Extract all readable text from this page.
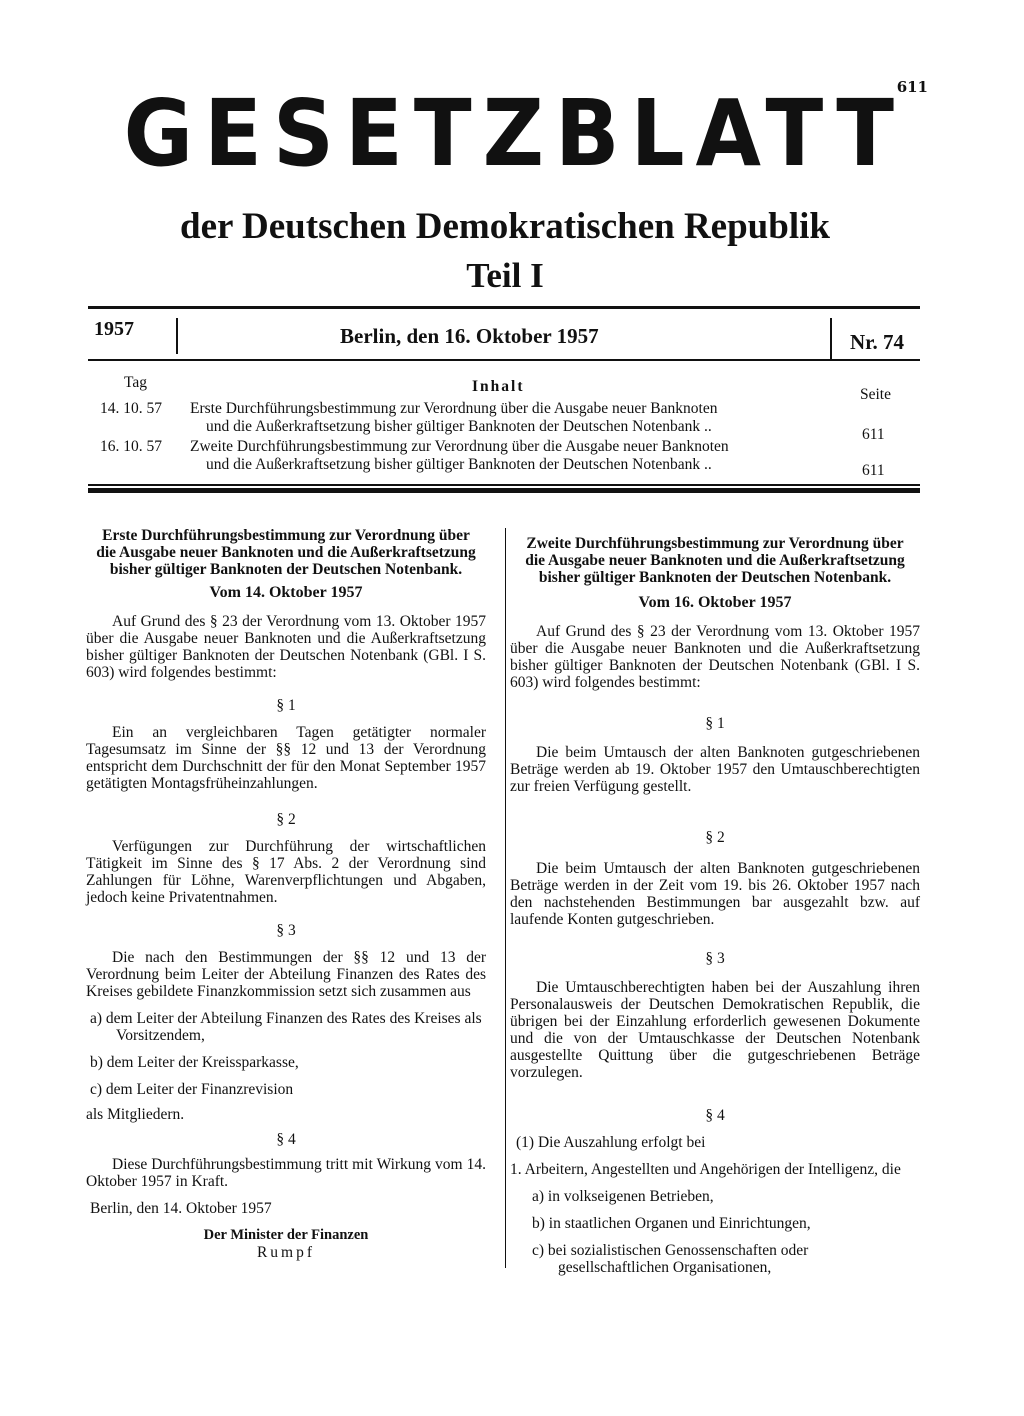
611
GESETZBLATT
der Deutschen Demokratischen Republik
Teil I
1957	Berlin, den 16. Oktober 1957	Nr. 74
Tag	Inhalt	Seite
14. 10. 57 Erste Durchführungsbestimmung zur Verordnung über die Ausgabe neuer Banknoten
und die Außerkraftsetzung bisher gültiger Banknoten der Deutschen Notenbank ..	611
16. 10. 57 Zweite Durchführungsbestimmung zur Verordnung über die Ausgabe neuer Banknoten
und die Außerkraftsetzung bisher gültiger Banknoten der Deutschen Notenbank ..	611
Erste Durchführungsbestimmung zur Verordnung über die Ausgabe neuer Banknoten und die Außerkraftsetzung bisher gültiger Banknoten der Deutschen Notenbank.
Vom 14. Oktober 1957

Auf Grund des § 23 der Verordnung vom 13. Oktober 1957 über die Ausgabe neuer Banknoten und die Außerkraftsetzung bisher gültiger Banknoten der Deutschen Notenbank (GBl. I S. 603) wird folgendes bestimmt:

§ 1

Ein an vergleichbaren Tagen getätigter normaler Tagesumsatz im Sinne der §§ 12 und 13 der Verordnung entspricht dem Durchschnitt der für den Monat September 1957 getätigten Montagsfrüheinzahlungen.

§ 2

Verfügungen zur Durchführung der wirtschaftlichen Tätigkeit im Sinne des § 17 Abs. 2 der Verordnung sind Zahlungen für Löhne, Warenverpflichtungen und Abgaben, jedoch keine Privatentnahmen.

§ 3

Die nach den Bestimmungen der §§ 12 und 13 der Verordnung beim Leiter der Abteilung Finanzen des Rates des Kreises gebildete Finanzkommission setzt sich zusammen aus

a) dem Leiter der Abteilung Finanzen des Rates des Kreises als Vorsitzendem,

b) dem Leiter der Kreissparkasse,

c) dem Leiter der Finanzrevision

als Mitgliedern.

§ 4

Diese Durchführungsbestimmung tritt mit Wirkung vom 14. Oktober 1957 in Kraft.

Berlin, den 14. Oktober 1957

Der Minister der Finanzen
Rumpf
Zweite Durchführungsbestimmung zur Verordnung über die Ausgabe neuer Banknoten und die Außerkraftsetzung bisher gültiger Banknoten der Deutschen Notenbank.
Vom 16. Oktober 1957

Auf Grund des § 23 der Verordnung vom 13. Oktober 1957 über die Ausgabe neuer Banknoten und die Außerkraftsetzung bisher gültiger Banknoten der Deutschen Notenbank (GBl. I S. 603) wird folgendes bestimmt:

§ 1

Die beim Umtausch der alten Banknoten gutgeschriebenen Beträge werden ab 19. Oktober 1957 den Umtauschberechtigten zur freien Verfügung gestellt.

§ 2

Die beim Umtausch der alten Banknoten gutgeschriebenen Beträge werden in der Zeit vom 19. bis 26. Oktober 1957 nach den nachstehenden Bestimmungen bar ausgezahlt bzw. auf laufende Konten gutgeschrieben.

§ 3

Die Umtauschberechtigten haben bei der Auszahlung ihren Personalausweis der Deutschen Demokratischen Republik, die übrigen bei der Einzahlung erforderlich gewesenen Dokumente und die von der Umtauschkasse der Deutschen Notenbank ausgestellte Quittung über die gutgeschriebenen Beträge vorzulegen.

§ 4

(1) Die Auszahlung erfolgt bei

1. Arbeitern, Angestellten und Angehörigen der Intelligenz, die

a) in volkseigenen Betrieben,

b) in staatlichen Organen und Einrichtungen,

c) bei sozialistischen Genossenschaften oder gesellschaftlichen Organisationen,
